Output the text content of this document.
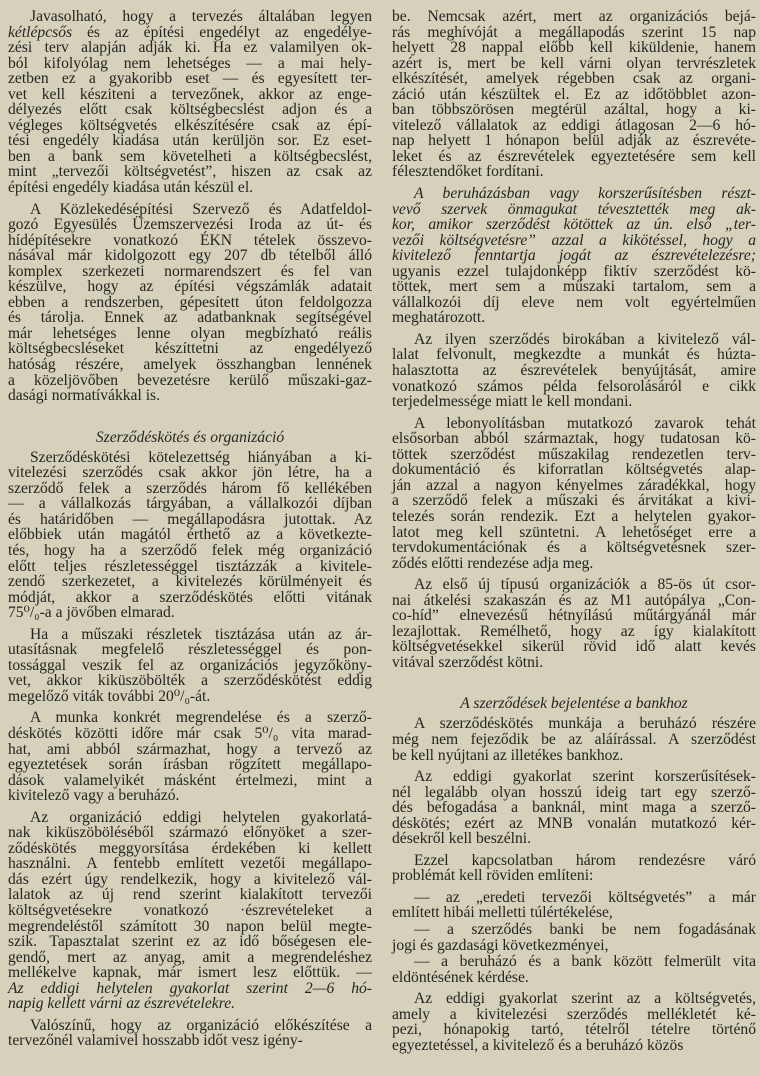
Javasolható, hogy a tervezés általában legyen
kétlépcsős és az építési engedélyt az engedélye-
zési terv alapján adják ki. Ha ez valamilyen ok-
ból kifolyólag nem lehetséges — a mai hely-
zetben ez a gyakoribb eset — és egyesített ter-
vet kell késziteni a tervezőnek, akkor az enge-
délyezés előtt csak költségbecslést adjon és a
végleges költségvetés elkészítésére csak az épí-
tési engedély kiadása után kerüljön sor. Ez eset-
ben a bank sem követelheti a költségbecslést,
mint „tervezői költségvetést”, hiszen az csak az
építési engedély kiadása után készül el.
A Közlekedésépítési Szervező és Adatfeldol-
gozó Egyesülés Üzemszervezési Iroda az út- és
hídépítésekre vonatkozó ÉKN tételek összevo-
násával már kidolgozott egy 207 db tételből álló
komplex szerkezeti normarendszert és fel van
készülve, hogy az építési végszámlák adatait
ebben a rendszerben, gépesített úton feldolgozza
és tárolja. Ennek az adatbanknak segítségével
már lehetséges lenne olyan megbízható reális
költségbecsléseket készíttetni az engedélyező
hatóság részére, amelyek összhangban lennének
a közeljövőben bevezetésre kerülő műszaki-gaz-
dasági normatívákkal is.
Szerződéskötés és organizáció
Szerződéskötési kötelezettség hiányában a ki-
vitelezési szerződés csak akkor jön létre, ha a
szerződő felek a szerződés három fő kellékében
— a vállalkozás tárgyában, a vállalkozói díjban
és határidőben — megállapodásra jutottak. Az
előbbiek után magától érthető az a következte-
tés, hogy ha a szerződő felek még organizáció
előtt teljes részletességgel tisztázzák a kivitele-
zendő szerkezetet, a kivitelezés körülményeit és
módját, akkor a szerződéskötés előtti vitának
75⁰/₀-a a jövőben elmarad.
Ha a műszaki részletek tisztázása után az ár-
utasításnak megfelelő részletességgel és pon-
tossággal veszik fel az organizációs jegyzőköny-
vet, akkor kiküszöbölték a szerződéskötést eddig
megelőző viták további 20⁰/₀-át.
A munka konkrét megrendelése és a szerző-
déskötés közötti időre már csak 5⁰/₀ vita marad-
hat, ami abból származhat, hogy a tervező az
egyeztetések során írásban rögzített megállapo-
dások valamelyikét másként értelmezi, mint a
kivitelező vagy a beruházó.
Az organizáció eddigi helytelen gyakorlatá-
nak kiküszöböléséből származó előnyöket a szer-
ződéskötés meggyorsítása érdekében ki kellett
használni. A fentebb említett vezetői megállapo-
dás ezért úgy rendelkezik, hogy a kivitelező vál-
lalatok az új rend szerint kialakított tervezői
költségvetésekre vonatkozó ·észrevételeket a
megrendeléstől számított 30 napon belül megte-
szik. Tapasztalat szerint ez az idő bőségesen ele-
gendő, mert az anyag, amit a megrendeléshez
mellékelve kapnak, már ismert lesz előttük. —
Az eddigi helytelen gyakorlat szerint 2—6 hó-
napig kellett várni az észrevételekre.
Valószínű, hogy az organizáció előkészítése a
tervezőnél valamivel hosszabb időt vesz igény-
be. Nemcsak azért, mert az organizációs bejá-
rás meghívóját a megállapodás szerint 15 nap
helyett 28 nappal előbb kell kiküldenie, hanem
azért is, mert be kell várni olyan tervrészletek
elkészítését, amelyek régebben csak az organi-
záció után készültek el. Ez az időtöbblet azon-
ban többszörösen megtérül azáltal, hogy a ki-
vitelező vállalatok az eddigi átlagosan 2—6 hó-
nap helyett 1 hónapon belül adják az észrevéte-
leket és az észrevételek egyeztetésére sem kell
félesztendőket fordítani.
A beruházásban vagy korszerűsítésben részt-
vevő szervek önmagukat tévesztették meg ak-
kor, amikor szerződést kötöttek az ún. első „ter-
vezői költségvetésre” azzal a kikötéssel, hogy a
kivitelező fenntartja jogát az észrevételezésre;
ugyanis ezzel tulajdonképp fiktív szerződést kö-
töttek, mert sem a műszaki tartalom, sem a
vállalkozói díj eleve nem volt egyértelműen
meghatározott.
Az ilyen szerződés birokában a kivitelező vál-
lalat felvonult, megkezdte a munkát és húzta-
halasztotta az észrevételek benyújtását, amire
vonatkozó számos példa felsorolásáról e cikk
terjedelmessége miatt le kell mondani.
A lebonyolításban mutatkozó zavarok tehát
elsősorban abból származtak, hogy tudatosan kö-
töttek szerződést műszakilag rendezetlen terv-
dokumentáció és kiforratlan költségvetés alap-
ján azzal a nagyon kényelmes záradékkal, hogy
a szerződő felek a műszaki és árvitákat a kivi-
telezés során rendezik. Ezt a helytelen gyakor-
latot meg kell szüntetni. A lehetőséget erre a
tervdokumentációnak és a költségvetésnek szer-
ződés előtti rendezése adja meg.
Az első új típusú organizációk a 85-ös út csor-
nai átkelési szakaszán és az M1 autópálya „Con-
co-híd” elnevezésű hétnyílású műtárgyánál már
lezajlottak. Remélhető, hogy az így kialakított
költségvetésekkel sikerül rövid idő alatt kevés
vitával szerződést kötni.
A szerződések bejelentése a bankhoz
A szerződéskötés munkája a beruházó részére
még nem fejeződik be az aláírással. A szerződést
be kell nyújtani az illetékes bankhoz.
Az eddigi gyakorlat szerint korszerűsítések-
nél legalább olyan hosszú ideig tart egy szerző-
dés befogadása a banknál, mint maga a szerző-
déskötés; ezért az MNB vonalán mutatkozó kér-
désekről kell beszélni.
Ezzel kapcsolatban három rendezésre váró
problémát kell röviden említeni:
— az „eredeti tervezői költségvetés” a már
említett hibái melletti túlértékelése,
— a szerződés banki be nem fogadásának
jogi és gazdasági következményei,
— a beruházó és a bank között felmerült vita
eldöntésének kérdése.
Az eddigi gyakorlat szerint az a költségvetés,
amely a kivitelezési szerződés mellékletét ké-
pezi, hónapokig tartó, tételről tételre történő
egyeztetéssel, a kivitelező és a beruházó közös
